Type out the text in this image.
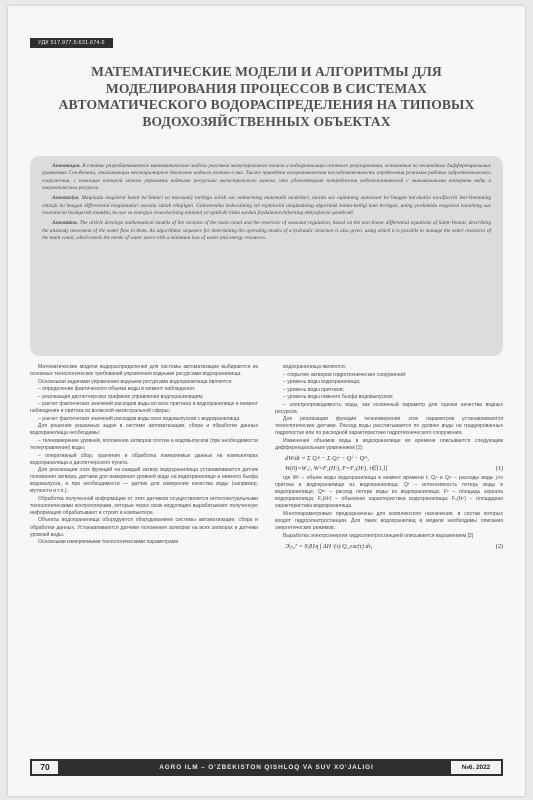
УДК 517.977.5:631.674.6
МАТЕМАТИЧЕСКИЕ МОДЕЛИ И АЛГОРИТМЫ ДЛЯ МОДЕЛИРОВАНИЯ ПРОЦЕССОВ В СИСТЕМАХ АВТОМАТИЧЕСКОГО ВОДОРАСПРЕДЕЛЕНИЯ НА ТИПОВЫХ ВОДОХОЗЯЙСТВЕННЫХ ОБЪЕКТАХ

Аннотация. В статье разрабатываются математические модели участков магистрального канала и водохранилища сезонного регулирования, основанные на нелинейных дифференциальных уравнениях Сен-Венана, описывающих нестационарное движение водного потока в них. Также приведена алгоритмическая последовательность определения режимов работы гидротехнического сооружения, с помощью которой можно управлять водными ресурсами магистрального канала, что удовлетворит потребности водопользователей с минимальными потерями воды и энергетических ресурсов.

Annotatsiya. Maqolada magistral kanal bo‘limlari va mavsumiy tartibga solish suv omborining matematik modellari, ularda suv oqimining statsionar bo‘lmagan harakatini tavsiflovchi Sen-Venanning chiziqli bo‘lmagan differentsial tenglamalari asosida ishlab chiqilgan. Gidrotexnika inshootining ish rejimlarini aniqlashning algoritmik ketma-ketligi ham berilgan, uning yordamida magistral kanalning suv resurslarini boshqarish mumkin, bu suv va energiya resurslarining minimal yo‘qotilishi bilan suvdan foydalanuvchilarning ehtiyojlarini qondiradi.

Annotation. The article develops mathematical models of the sections of the main canal and the reservoir of seasonal regulation, based on the non-linear differential equations of Saint-Venant, describing the unsteady movement of the water flow in them. An algorithmic sequence for determining the operating modes of a hydraulic structure is also given, using which it is possible to manage the water resources of the main canal, which meets the needs of water users with a minimum loss of water and energy resources.

Математические модели водораспределения для системы автоматизации выбираются из основных технологических требований управления водными ресурсами водохранилища.

Основными задачами управления водными ресурсами водохранилища являются:

– определение фактического объема воды в момент наблюдения;

– реализация диспетчерских графиков управления водохранилищем;

– расчет фактических значений расходов воды во всех притоках в водохранилище в момент наблюдения и притока из волжской магистральной сферы;

– расчет фактических значений расходов воды всех водовыпусков с водохранилища.

Для решения указанных задач в системе автоматизации, сбора и обработки данных водохранилища необходимы:

– телеизмерение уровней, положения затворов плотин и водовыпусков (при необходимости телеуправление) воды;

– оперативный сбор, хранение и обработка измеряемых данных на компьютерах водохранилища и диспетчерского пункта.

Для реализации этих функций на каждый затвор водохранилища устанавливается датчик положения затвора, датчики для измерения уровней воды на водохранилище и нижнего бьефа водовыпуска, а при необходимости — датчик для измерения качества воды (например, мутности и т.п.).

Обработка полученной информации от этих датчиков осуществляется интеллектуальными технологическими контроллерами, которые через свою модуляцию вырабатывают полученную информацию обрабатывают и строят в компьютере.

Объекты водохранилища оборудуются оборудованием системы автоматизации, сбора и обработки данных. Устанавливаются датчики положения затворов на всех затворах и датчики уровней воды.

Основными измеряемыми технологическими параметрами

водохранилища являются:

– открытие затворов гидротехнических сооружений;

– уровень воды водохранилища;

– уровень воды притоков;

– уровень воды нижнего бьефа водовыпусков;

– электропроводимость воды, как косвенный параметр для оценки качества водных ресурсов.

Для реализации функции телеизмерения этих параметров устанавливаются технологические датчики. Расход воды рассчитывается по уровню воды на градуированных гидропостах или по расходной характеристике гидротехнического сооружения.

Изменение объемов воды в водохранилище во времени описывается следующим дифференциальным уравнением [1]:

dW/dt = Σ Qᵢⁿ − Σ Qⱼᵒ − Qᶠ − Qᵉᵛ,
W(0)=W₀ᶜ, W=F₁(Hᶜ), F=F₂(Hᶜ), i∈[1,l]	(1)

где Wᶜ – объем воды водохранилища в момент времени t; Qᵢⁿ и Qⱼᵒ – расходы воды j-го притока в водохранилище из водохранилища; Qᶠ – интенсивность потерь воды в водохранилище; Qᵉᵛ – расход потери воды из водохранилища; Fᶜ – площадь зеркала водохранилища; F₁(Hᶜ) – объемная характеристика водохранилища; F₂(Hᶜ) – площадная характеристика водохранилища.

Многопараметровые предназначены для комплексного назначения, в состав которых входят гидроэлектростанции. Для таких водохранилищ в модели необходимы описания энергетических режимов.

Выработка электроэнергии гидроэлектростанцией описывается выражением [2]

Э|ₜ₀ᵀ = 9,81η ∫ ΔH ᶜ(τ) Q_гэс(τ) dτ,	(2)
70	AGRO ILM – O‘ZBEKISTON QISHLOQ VA SUV XO‘JALIGI	№6. 2022
